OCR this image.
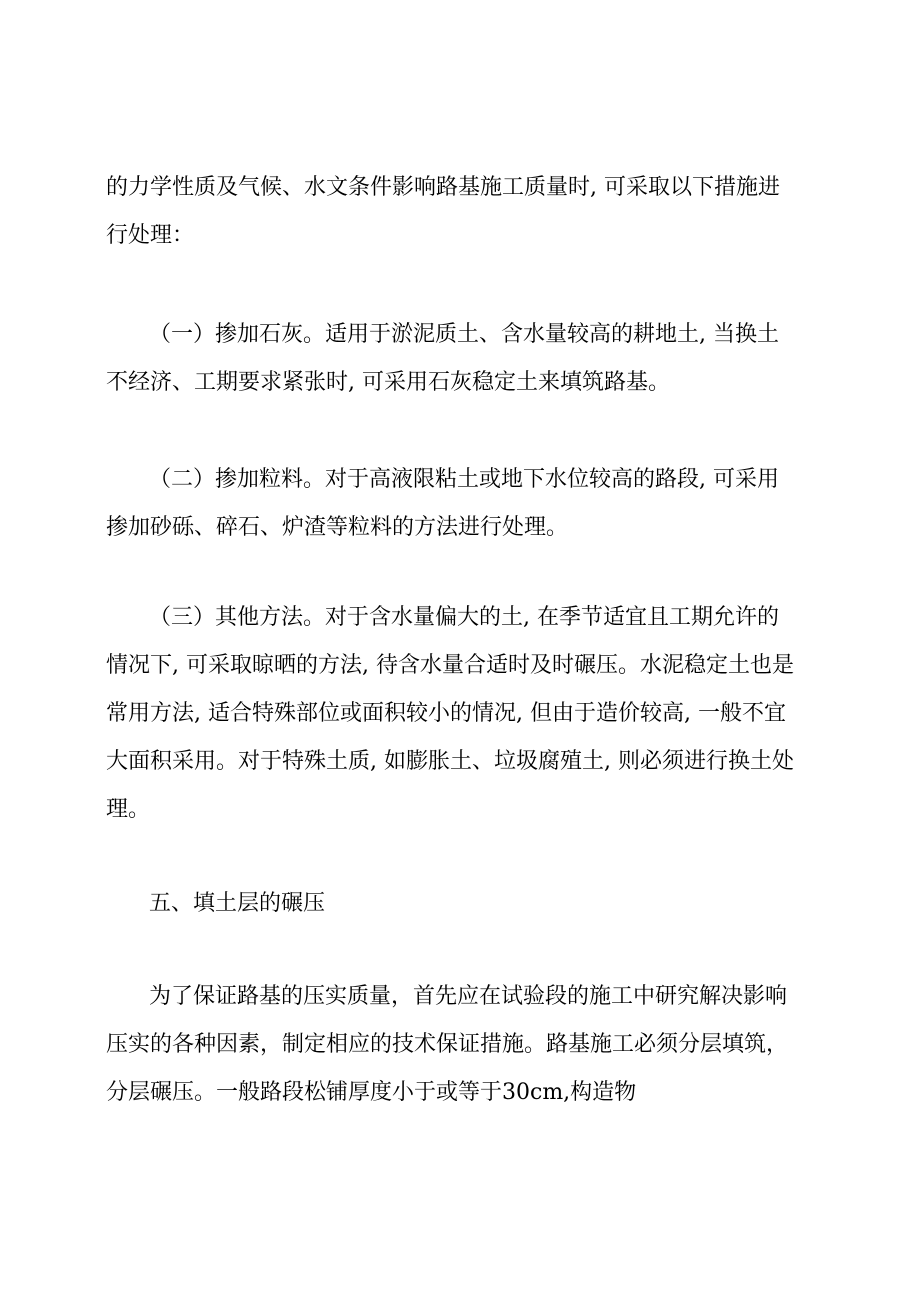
的力学性质及气候、水文条件影响路基施工质量时, 可采取以下措施进
行处理：

（一）掺加石灰。适用于淤泥质土、含水量较高的耕地土, 当换土
不经济、工期要求紧张时, 可采用石灰稳定土来填筑路基。

（二）掺加粒料。对于高液限粘土或地下水位较高的路段, 可采用
掺加砂砾、碎石、炉渣等粒料的方法进行处理。

（三）其他方法。对于含水量偏大的土, 在季节适宜且工期允许的
情况下, 可采取晾晒的方法, 待含水量合适时及时碾压。水泥稳定土也是
常用方法, 适合特殊部位或面积较小的情况, 但由于造价较高, 一般不宜
大面积采用。对于特殊土质, 如膨胀土、垃圾腐殖土, 则必须进行换土处
理。

五、填土层的碾压

为了保证路基的压实质量，首先应在试验段的施工中研究解决影响
压实的各种因素，制定相应的技术保证措施。路基施工必须分层填筑，
分层碾压。一般路段松铺厚度小于或等于30cm,构造物
